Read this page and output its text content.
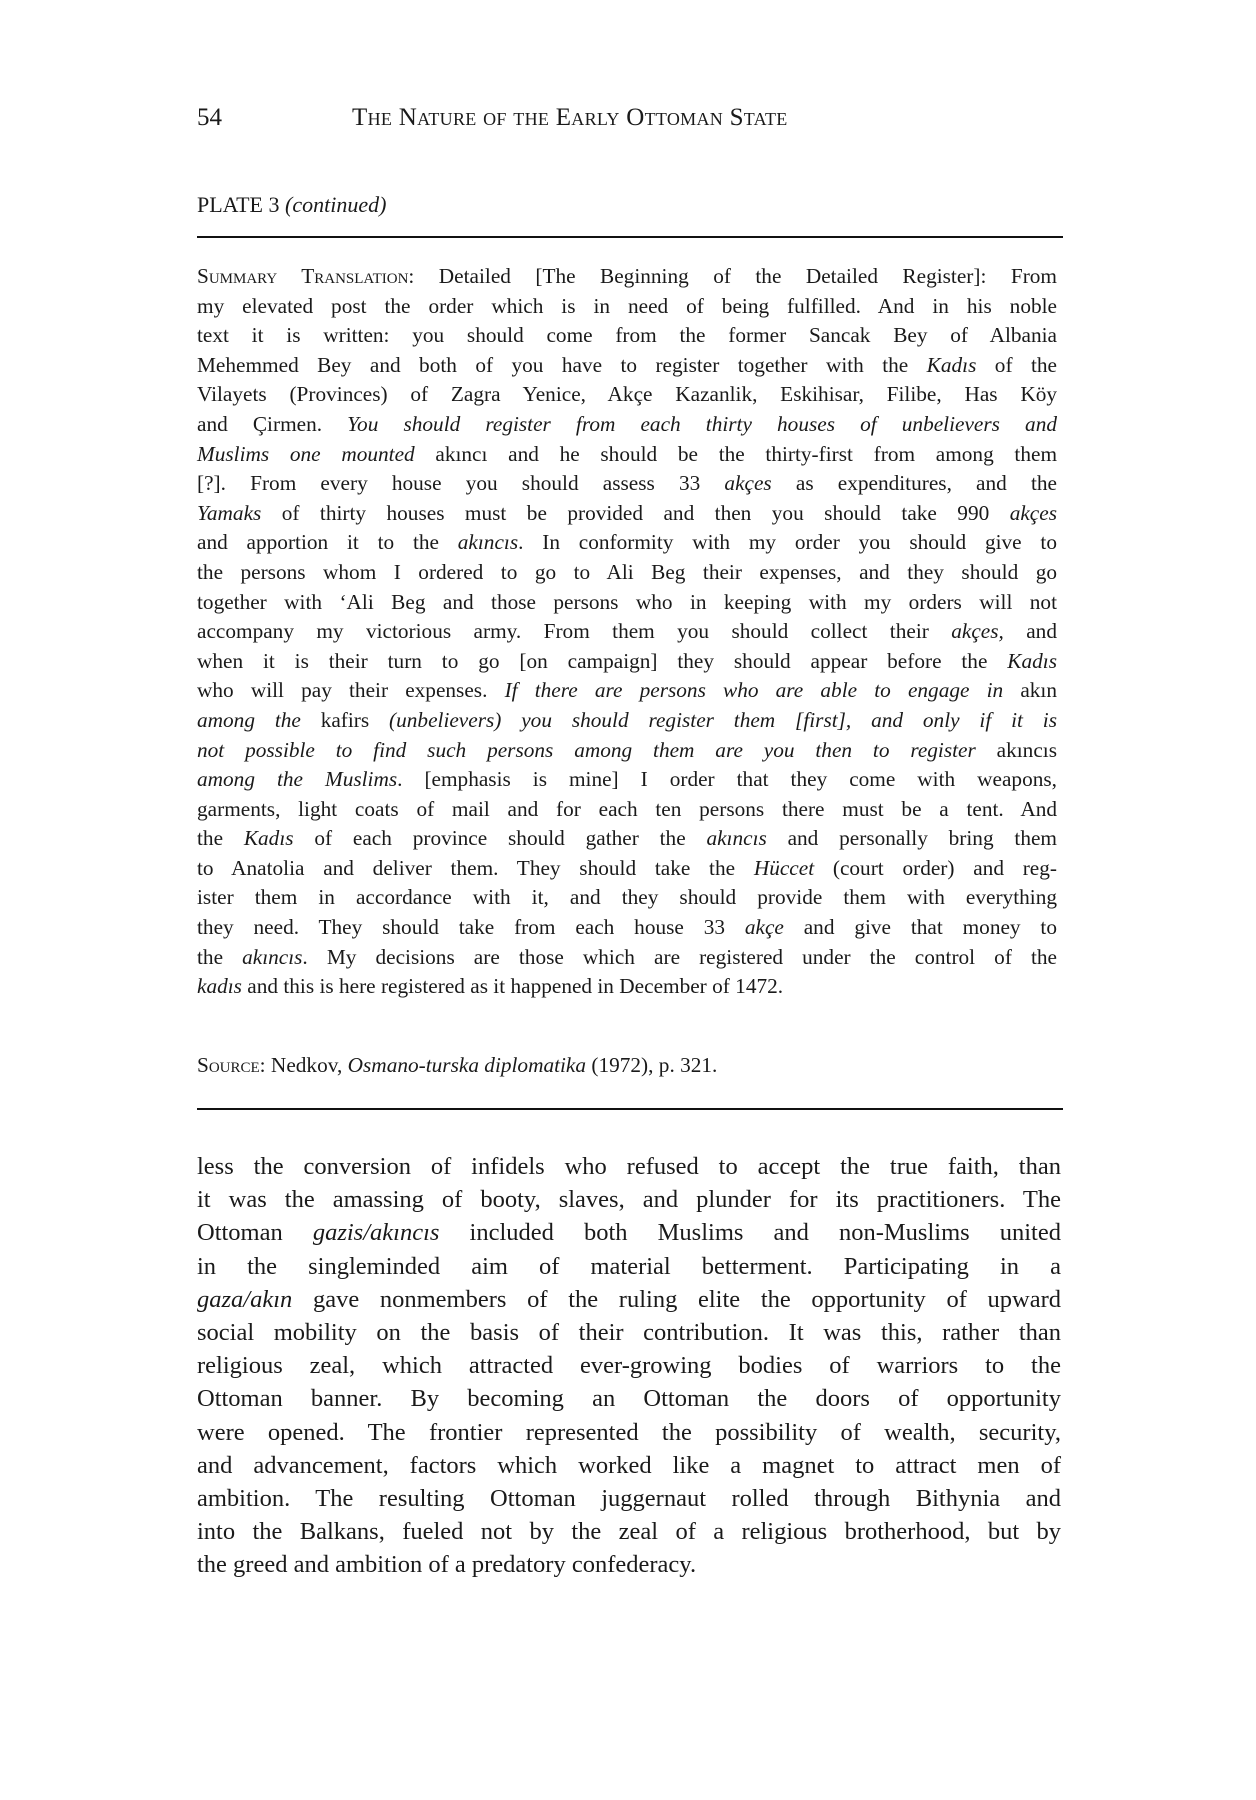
54	The Nature of the Early Ottoman State
PLATE 3 (continued)
Summary Translation: Detailed [The Beginning of the Detailed Register]: From
my elevated post the order which is in need of being fulfilled. And in his noble
text it is written: you should come from the former Sancak Bey of Albania
Mehemmed Bey and both of you have to register together with the Kadıs of the
Vilayets (Provinces) of Zagra Yenice, Akçe Kazanlik, Eskihisar, Filibe, Has Köy
and Çirmen. You should register from each thirty houses of unbelievers and
Muslims one mounted akıncı and he should be the thirty-first from among them
[?]. From every house you should assess 33 akçes as expenditures, and the
Yamaks of thirty houses must be provided and then you should take 990 akçes
and apportion it to the akıncıs. In conformity with my order you should give to
the persons whom I ordered to go to Ali Beg their expenses, and they should go
together with ‘Ali Beg and those persons who in keeping with my orders will not
accompany my victorious army. From them you should collect their akçes, and
when it is their turn to go [on campaign] they should appear before the Kadıs
who will pay their expenses. If there are persons who are able to engage in akın
among the kafirs (unbelievers) you should register them [first], and only if it is
not possible to find such persons among them are you then to register akıncıs
among the Muslims. [emphasis is mine] I order that they come with weapons,
garments, light coats of mail and for each ten persons there must be a tent. And
the Kadıs of each province should gather the akıncıs and personally bring them
to Anatolia and deliver them. They should take the Hüccet (court order) and reg-
ister them in accordance with it, and they should provide them with everything
they need. They should take from each house 33 akçe and give that money to
the akıncıs. My decisions are those which are registered under the control of the
kadıs and this is here registered as it happened in December of 1472.
Source: Nedkov, Osmano-turska diplomatika (1972), p. 321.
less the conversion of infidels who refused to accept the true faith, than
it was the amassing of booty, slaves, and plunder for its practitioners. The
Ottoman gazis/akıncıs included both Muslims and non-Muslims united
in the singleminded aim of material betterment. Participating in a
gaza/akın gave nonmembers of the ruling elite the opportunity of upward
social mobility on the basis of their contribution. It was this, rather than
religious zeal, which attracted ever-growing bodies of warriors to the
Ottoman banner. By becoming an Ottoman the doors of opportunity
were opened. The frontier represented the possibility of wealth, security,
and advancement, factors which worked like a magnet to attract men of
ambition. The resulting Ottoman juggernaut rolled through Bithynia and
into the Balkans, fueled not by the zeal of a religious brotherhood, but by
the greed and ambition of a predatory confederacy.
